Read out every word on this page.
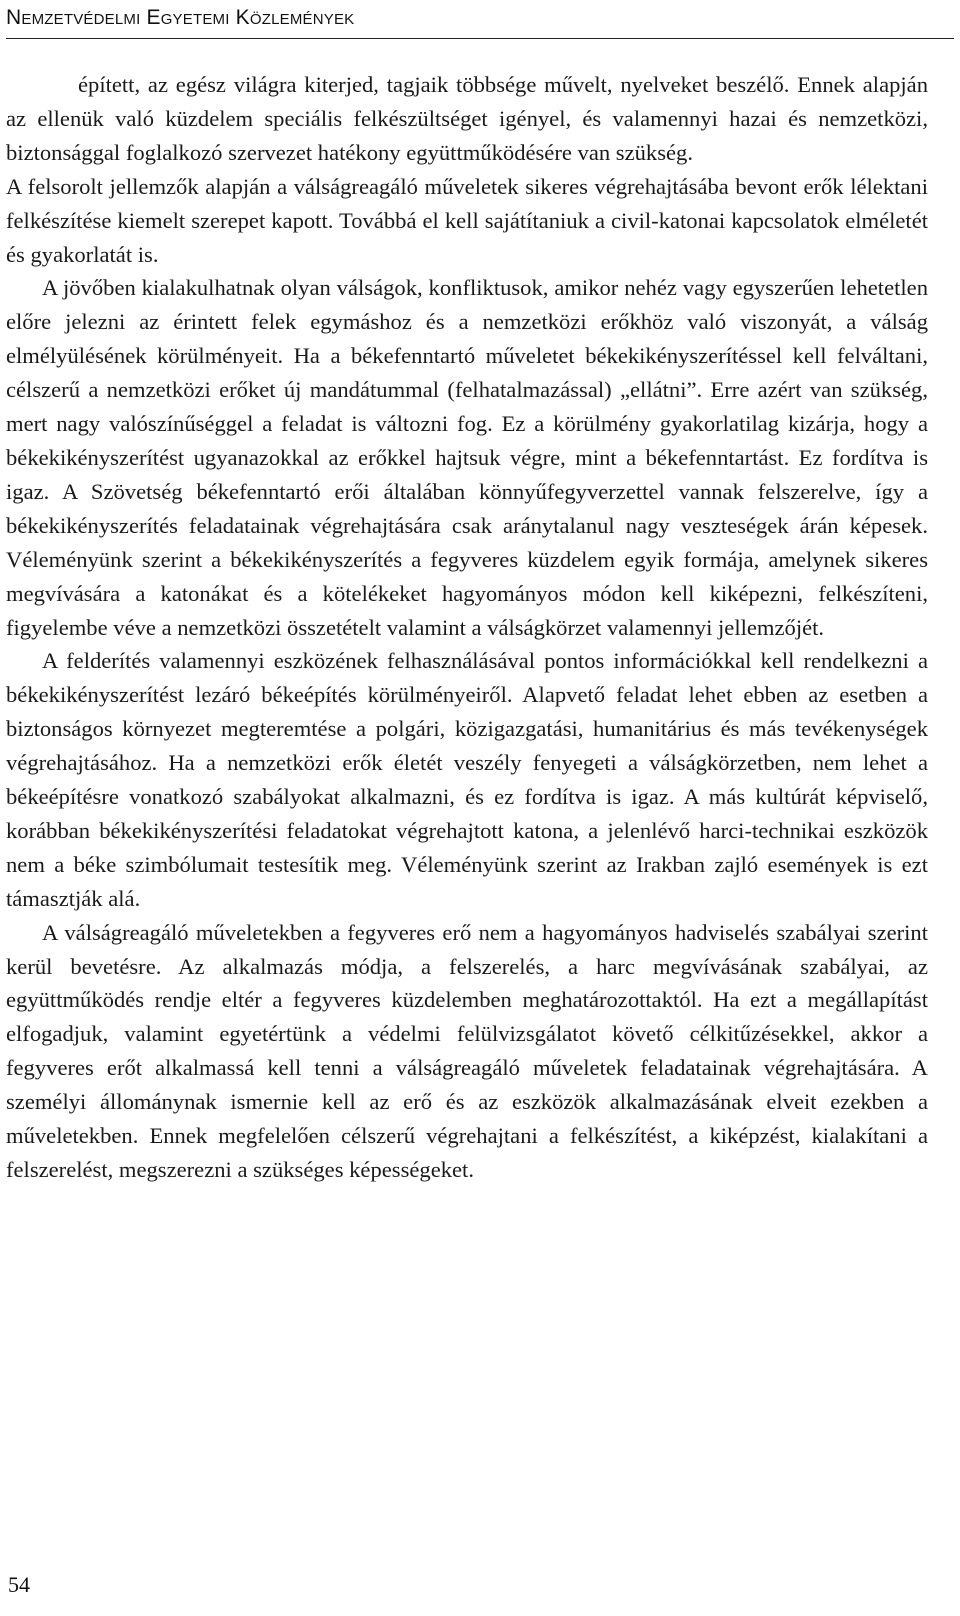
Nemzetvédelmi Egyetemi Közlemények

épített, az egész világra kiterjed, tagjaik többsége művelt, nyelveket beszélő. Ennek alapján az ellenük való küzdelem speciális felkészültséget igényel, és valamennyi hazai és nemzetközi, biztonsággal foglalkozó szervezet hatékony együttműködésére van szükség.

A felsorolt jellemzők alapján a válságreagáló műveletek sikeres végrehajtásába bevont erők lélektani felkészítése kiemelt szerepet kapott. Továbbá el kell sajátítaniuk a civil-katonai kapcsolatok elméletét és gyakorlatát is.

A jövőben kialakulhatnak olyan válságok, konfliktusok, amikor nehéz vagy egyszerűen lehetetlen előre jelezni az érintett felek egymáshoz és a nemzetközi erőkhöz való viszonyát, a válság elmélyülésének körülményeit. Ha a békefenntartó műveletet békekikényszerítéssel kell felváltani, célszerű a nemzetközi erőket új mandátummal (felhatalmazással) „ellátni”. Erre azért van szükség, mert nagy valószínűséggel a feladat is változni fog. Ez a körülmény gyakorlatilag kizárja, hogy a békekikényszerítést ugyanazokkal az erőkkel hajtsuk végre, mint a békefenntartást. Ez fordítva is igaz. A Szövetség békefenntartó erői általában könnyűfegyverzettel vannak felszerelve, így a békekikényszerítés feladatainak végrehajtására csak aránytalanul nagy veszteségek árán képesek. Véleményünk szerint a békekikényszerítés a fegyveres küzdelem egyik formája, amelynek sikeres megvívására a katonákat és a kötelékeket hagyományos módon kell kiképezni, felkészíteni, figyelembe véve a nemzetközi összetételt valamint a válságkörzet valamennyi jellemzőjét.

A felderítés valamennyi eszközének felhasználásával pontos információkkal kell rendelkezni a békekikényszerítést lezáró békeépítés körülményeiről. Alapvető feladat lehet ebben az esetben a biztonságos környezet megteremtése a polgári, közigazgatási, humanitárius és más tevékenységek végrehajtásához. Ha a nemzetközi erők életét veszély fenyegeti a válságkörzetben, nem lehet a békeépítésre vonatkozó szabályokat alkalmazni, és ez fordítva is igaz. A más kultúrát képviselő, korábban békekikényszerítési feladatokat végrehajtott katona, a jelenlévő harci-technikai eszközök nem a béke szimbólumait testesítik meg. Véleményünk szerint az Irakban zajló események is ezt támasztják alá.

A válságreagáló műveletekben a fegyveres erő nem a hagyományos hadviselés szabályai szerint kerül bevetésre. Az alkalmazás módja, a felszerelés, a harc megvívásának szabályai, az együttműködés rendje eltér a fegyveres küzdelemben meghatározottaktól. Ha ezt a megállapítást elfogadjuk, valamint egyetértünk a védelmi felülvizsgálatot követő célkitűzésekkel, akkor a fegyveres erőt alkalmassá kell tenni a válságreagáló műveletek feladatainak végrehajtására. A személyi állománynak ismernie kell az erő és az eszközök alkalmazásának elveit ezekben a műveletekben. Ennek megfelelően célszerű végrehajtani a felkészítést, a kiképzést, kialakítani a felszerelést, megszerezni a szükséges képességeket.

54
